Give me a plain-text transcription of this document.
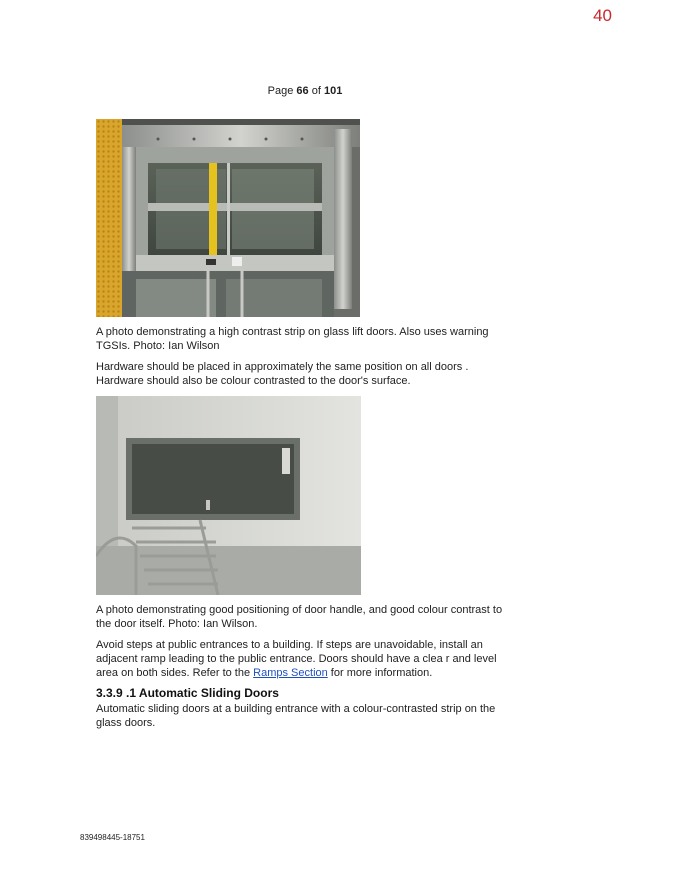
40
Page 66 of 101
A photo demonstrating a high contrast strip on glass lift doors. Also uses warning TGSIs. Photo: Ian Wilson
Hardware should be placed in approximately the same position on all doors . Hardware should also be colour contrasted to the door's surface.
A photo demonstrating good positioning of door handle, and good colour contrast to the door itself. Photo: Ian Wilson.
Avoid steps at public entrances to a building. If steps are unavoidable, install an adjacent ramp leading to the public entrance. Doors should have a clea r and level area on both sides. Refer to the Ramps Section for more information.
3.3.9 .1 Automatic Sliding Doors
Automatic sliding doors at a building entrance with a colour-contrasted strip on the glass doors.
839498445-18751
